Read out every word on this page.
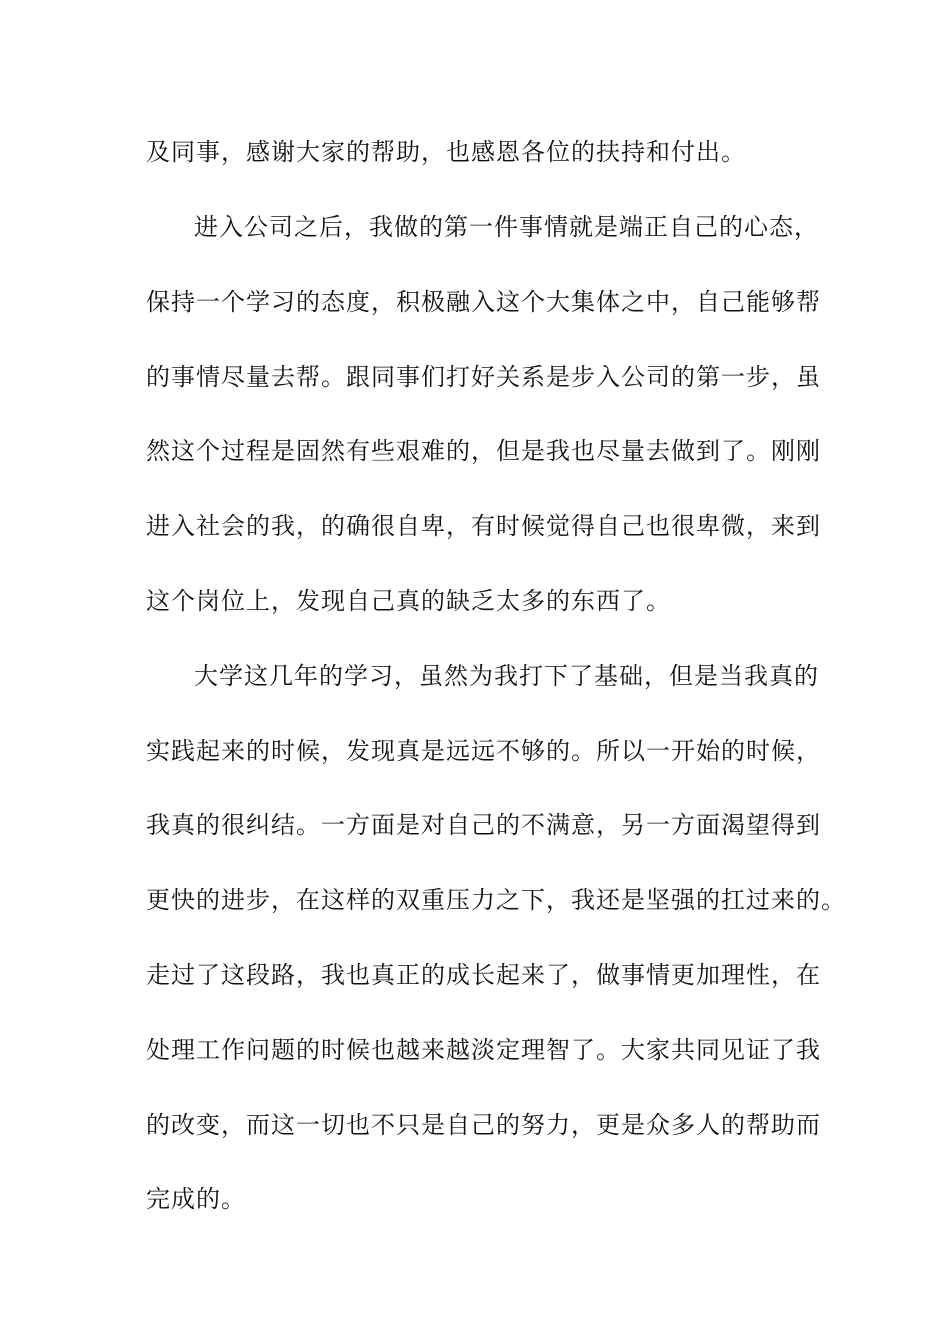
及同事，感谢大家的帮助，也感恩各位的扶持和付出。
进入公司之后，我做的第一件事情就是端正自己的心态，
保持一个学习的态度，积极融入这个大集体之中，自己能够帮
的事情尽量去帮。跟同事们打好关系是步入公司的第一步，虽
然这个过程是固然有些艰难的，但是我也尽量去做到了。刚刚
进入社会的我，的确很自卑，有时候觉得自己也很卑微，来到
这个岗位上，发现自己真的缺乏太多的东西了。
大学这几年的学习，虽然为我打下了基础，但是当我真的
实践起来的时候，发现真是远远不够的。所以一开始的时候，
我真的很纠结。一方面是对自己的不满意，另一方面渴望得到
更快的进步，在这样的双重压力之下，我还是坚强的扛过来的。
走过了这段路，我也真正的成长起来了，做事情更加理性，在
处理工作问题的时候也越来越淡定理智了。大家共同见证了我
的改变，而这一切也不只是自己的努力，更是众多人的帮助而
完成的。
